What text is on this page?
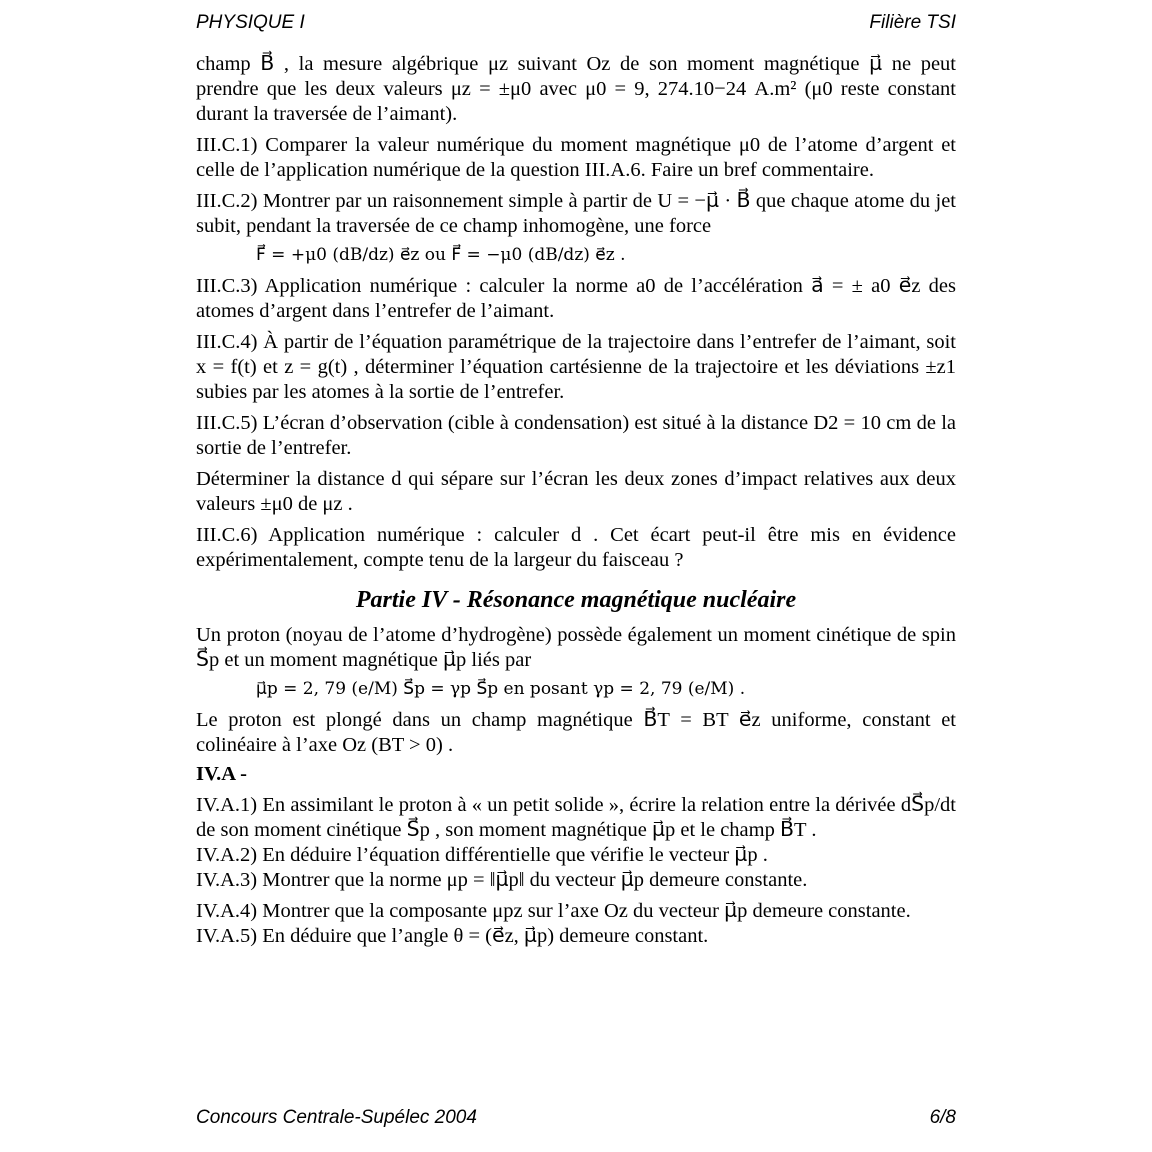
PHYSIQUE I	Filière TSI

champ B⃗ , la mesure algébrique μz suivant Oz de son moment magnétique μ⃗ ne peut prendre que les deux valeurs μz = ±μ0 avec μ0 = 9, 274.10−24 A.m² (μ0 reste constant durant la traversée de l’aimant).

III.C.1) Comparer la valeur numérique du moment magnétique μ0 de l’atome d’argent et celle de l’application numérique de la question III.A.6. Faire un bref commentaire.

III.C.2) Montrer par un raisonnement simple à partir de U = −μ⃗ · B⃗ que chaque atome du jet subit, pendant la traversée de ce champ inhomogène, une force

F⃗ = +μ0 (dB/dz) e⃗z ou F⃗ = −μ0 (dB/dz) e⃗z .

III.C.3) Application numérique : calculer la norme a0 de l’accélération a⃗ = ± a0 e⃗z des atomes d’argent dans l’entrefer de l’aimant.

III.C.4) À partir de l’équation paramétrique de la trajectoire dans l’entrefer de l’aimant, soit x = f(t) et z = g(t) , déterminer l’équation cartésienne de la trajectoire et les déviations ±z1 subies par les atomes à la sortie de l’entrefer.

III.C.5) L’écran d’observation (cible à condensation) est situé à la distance D2 = 10 cm de la sortie de l’entrefer.

Déterminer la distance d qui sépare sur l’écran les deux zones d’impact relatives aux deux valeurs ±μ0 de μz .

III.C.6) Application numérique : calculer d . Cet écart peut-il être mis en évidence expérimentalement, compte tenu de la largeur du faisceau ?

Partie IV - Résonance magnétique nucléaire

Un proton (noyau de l’atome d’hydrogène) possède également un moment cinétique de spin S⃗p et un moment magnétique μ⃗p liés par

μ⃗p = 2, 79 (e/M) S⃗p = γp S⃗p en posant γp = 2, 79 (e/M) .

Le proton est plongé dans un champ magnétique B⃗T = BT e⃗z uniforme, constant et colinéaire à l’axe Oz (BT > 0) .

IV.A -

IV.A.1) En assimilant le proton à « un petit solide », écrire la relation entre la dérivée dS⃗p/dt de son moment cinétique S⃗p , son moment magnétique μ⃗p et le champ B⃗T .

IV.A.2) En déduire l’équation différentielle que vérifie le vecteur μ⃗p .

IV.A.3) Montrer que la norme μp = ‖μ⃗p‖ du vecteur μ⃗p demeure constante.

IV.A.4) Montrer que la composante μpz sur l’axe Oz du vecteur μ⃗p demeure constante.

IV.A.5) En déduire que l’angle θ = (e⃗z, μ⃗p) demeure constant.

Concours Centrale-Supélec 2004	6/8
